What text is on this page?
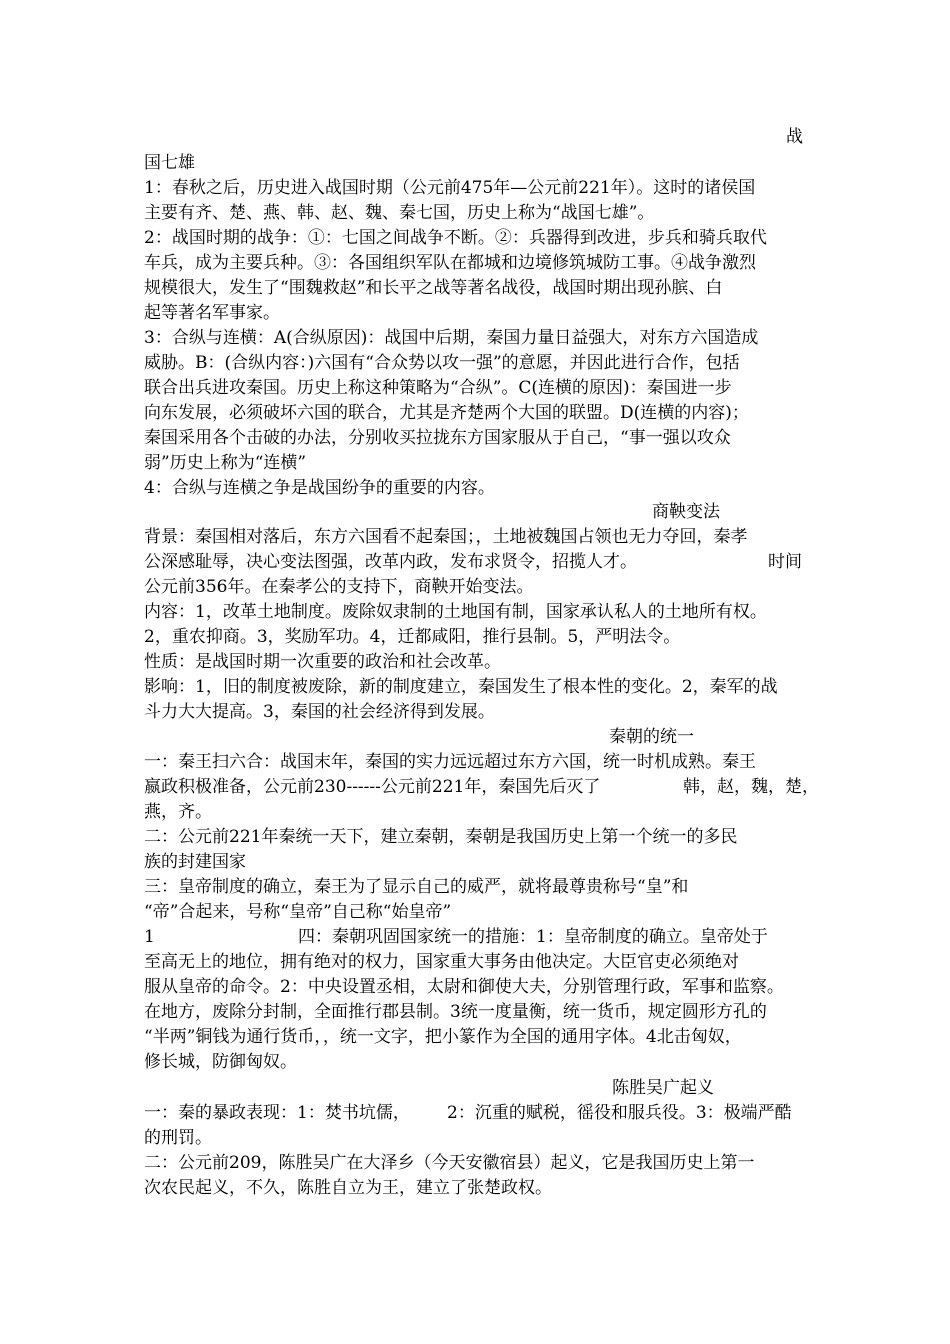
战
国七雄
1：春秋之后，历史进入战国时期（公元前475年—公元前221年）。这时的诸侯国
主要有齐、楚、燕、韩、赵、魏、秦七国，历史上称为“战国七雄”。
2：战国时期的战争：①：七国之间战争不断。②：兵器得到改进，步兵和骑兵取代
车兵，成为主要兵种。③：各国组织军队在都城和边境修筑城防工事。④战争激烈
规模很大，发生了“围魏救赵”和长平之战等著名战役，战国时期出现孙膑、白
起等著名军事家。
3：合纵与连横：A(合纵原因)：战国中后期，秦国力量日益强大，对东方六国造成
威胁。B：(合纵内容：)六国有“合众势以攻一强”的意愿，并因此进行合作，包括
联合出兵进攻秦国。历史上称这种策略为“合纵”。C(连横的原因)：秦国进一步
向东发展，必须破坏六国的联合，尤其是齐楚两个大国的联盟。D(连横的内容)；
秦国采用各个击破的办法，分别收买拉拢东方国家服从于自己，“事一强以攻众
弱”历史上称为“连横”
4：合纵与连横之争是战国纷争的重要的内容。
商鞅变法
背景：秦国相对落后，东方六国看不起秦国；，土地被魏国占领也无力夺回，秦孝
公深感耻辱，决心变法图强，改革内政，发布求贤令，招揽人才。	时间
公元前356年。在秦孝公的支持下，商鞅开始变法。
内容：1，改革土地制度。废除奴隶制的土地国有制，国家承认私人的土地所有权。
2，重农抑商。3，奖励军功。4，迁都咸阳，推行县制。5，严明法令。
性质：是战国时期一次重要的政治和社会改革。
影响：1，旧的制度被废除，新的制度建立，秦国发生了根本性的变化。2，秦军的战
斗力大大提高。3，秦国的社会经济得到发展。
秦朝的统一
一：秦王扫六合：战国末年，秦国的实力远远超过东方六国，统一时机成熟。秦王
嬴政积极准备，公元前230------公元前221年，秦国先后灭了	韩，赵，魏，楚，
燕，齐。
二：公元前221年秦统一天下，建立秦朝，秦朝是我国历史上第一个统一的多民
族的封建国家
三：皇帝制度的确立，秦王为了显示自己的威严，就将最尊贵称号“皇”和
“帝”合起来，号称“皇帝”自己称“始皇帝”
1	四：秦朝巩固国家统一的措施：1：皇帝制度的确立。皇帝处于
至高无上的地位，拥有绝对的权力，国家重大事务由他决定。大臣官吏必须绝对
服从皇帝的命令。2：中央设置丞相，太尉和御使大夫，分别管理行政，军事和监察。
在地方，废除分封制，全面推行郡县制。3统一度量衡，统一货币，规定圆形方孔的
“半两”铜钱为通行货币，，统一文字，把小篆作为全国的通用字体。4北击匈奴，
修长城，防御匈奴。
陈胜吴广起义
一：秦的暴政表现：1：焚书坑儒， 2：沉重的赋税，徭役和服兵役。3：极端严酷
的刑罚。
二：公元前209，陈胜吴广在大泽乡（今天安徽宿县）起义，它是我国历史上第一
次农民起义，不久，陈胜自立为王，建立了张楚政权。
